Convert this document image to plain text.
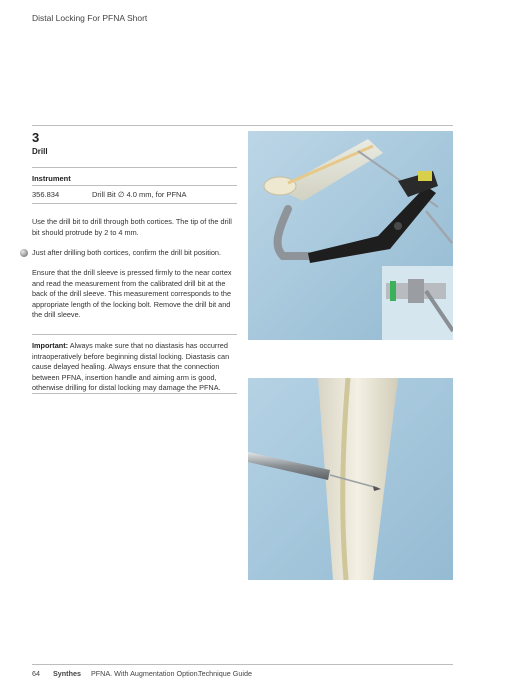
Distal Locking For PFNA Short
3
Drill
Instrument
356.834	Drill Bit ∅ 4.0 mm, for PFNA
Use the drill bit to drill through both cortices. The tip of the drill bit should protrude by 2 to 4 mm.
Just after drilling both cortices, confirm the drill bit position.
Ensure that the drill sleeve is pressed firmly to the near cortex and read the measurement from the calibrated drill bit at the back of the drill sleeve. This measurement corresponds to the appropriate length of the locking bolt. Remove the drill bit and the drill sleeve.
Important: Always make sure that no diastasis has occurred intraoperatively before beginning distal locking. Diastasis can cause delayed healing. Always ensure that the connection between PFNA, insertion handle and aiming arm is good, otherwise drilling for distal locking may damage the PFNA.
64 Synthes PFNA. With Augmentation Option.
Technique Guide
